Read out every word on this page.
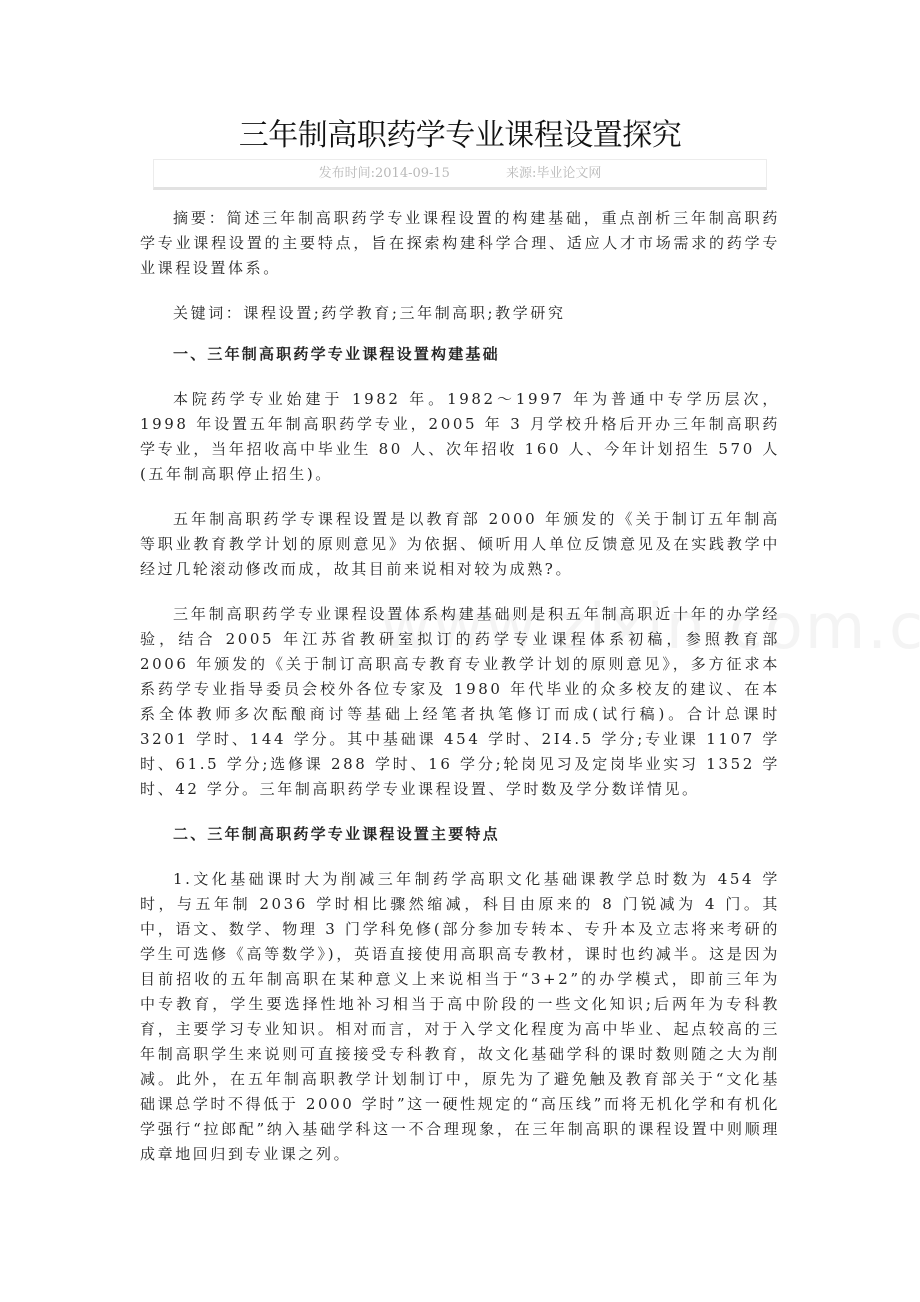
三年制高职药学专业课程设置探究
发布时间:2014-09-15	来源:毕业论文网

摘要：简述三年制高职药学专业课程设置的构建基础，重点剖析三年制高职药学专业课程设置的主要特点，旨在探索构建科学合理、适应人才市场需求的药学专业课程设置体系。

关键词：课程设置;药学教育;三年制高职;教学研究

一、三年制高职药学专业课程设置构建基础

本院药学专业始建于 1982 年。1982～1997 年为普通中专学历层次，1998 年设置五年制高职药学专业，2005 年 3 月学校升格后开办三年制高职药学专业，当年招收高中毕业生 80 人、次年招收 160 人、今年计划招生 570 人(五年制高职停止招生)。

五年制高职药学专课程设置是以教育部 2000 年颁发的《关于制订五年制高等职业教育教学计划的原则意见》为依据、倾听用人单位反馈意见及在实践教学中经过几轮滚动修改而成，故其目前来说相对较为成熟?。

三年制高职药学专业课程设置体系构建基础则是积五年制高职近十年的办学经验，结合 2005 年江苏省教研室拟订的药学专业课程体系初稿，参照教育部 2006 年颁发的《关于制订高职高专教育专业教学计划的原则意见》，多方征求本系药学专业指导委员会校外各位专家及 1980 年代毕业的众多校友的建议、在本系全体教师多次酝酿商讨等基础上经笔者执笔修订而成(试行稿)。合计总课时 3201 学时、144 学分。其中基础课 454 学时、2I4.5 学分;专业课 1107 学时、61.5 学分;选修课 288 学时、16 学分;轮岗见习及定岗毕业实习 1352 学时、42 学分。三年制高职药学专业课程设置、学时数及学分数详情见。

二、三年制高职药学专业课程设置主要特点

1.文化基础课时大为削减三年制药学高职文化基础课教学总时数为 454 学时，与五年制 2036 学时相比骤然缩减，科目由原来的 8 门锐减为 4 门。其中，语文、数学、物理 3 门学科免修(部分参加专转本、专升本及立志将来考研的学生可选修《高等数学》)，英语直接使用高职高专教材，课时也约减半。这是因为目前招收的五年制高职在某种意义上来说相当于“3+2”的办学模式，即前三年为中专教育，学生要选择性地补习相当于高中阶段的一些文化知识;后两年为专科教育，主要学习专业知识。相对而言，对于入学文化程度为高中毕业、起点较高的三年制高职学生来说则可直接接受专科教育，故文化基础学科的课时数则随之大为削减。此外，在五年制高职教学计划制订中，原先为了避免触及教育部关于“文化基础课总学时不得低于 2000 学时”这一硬性规定的“高压线”而将无机化学和有机化学强行“拉郎配”纳入基础学科这一不合理现象，在三年制高职的课程设置中则顺理成章地回归到专业课之列。
